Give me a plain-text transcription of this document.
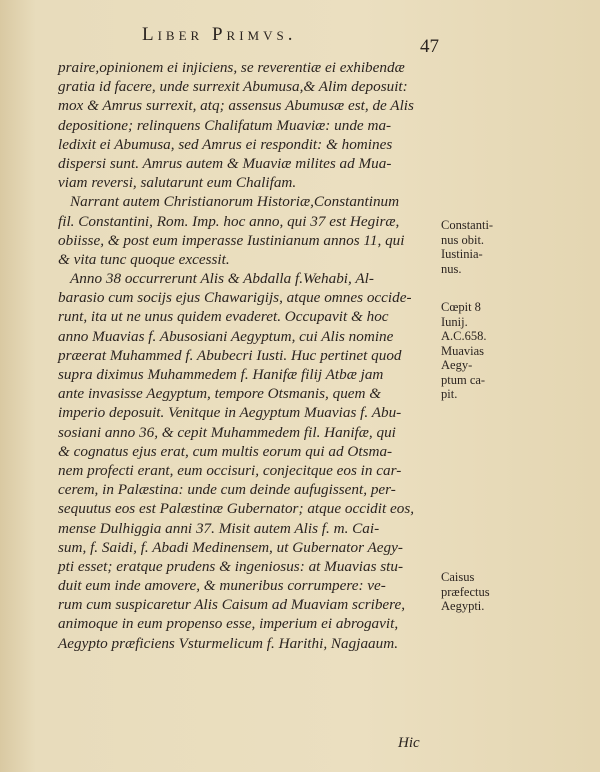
Liber Primvs.
47
praire,opinionem ei injiciens, se reverentiæ ei exhibendæ
gratia id facere, unde surrexit Abumusa,& Alim deposuit:
mox & Amrus surrexit, atq; assensus Abumusæ est, de Alis
depositione; relinquens Chalifatum Muaviæ: unde ma-
ledixit ei Abumusa, sed Amrus ei respondit: & homines
dispersi sunt. Amrus autem & Muaviæ milites ad Mua-
viam reversi, salutarunt eum Chalifam.
Narrant autem Christianorum Historiæ,Constantinum
fil. Constantini, Rom. Imp. hoc anno, qui 37 est Hegiræ,
obiisse, & post eum imperasse Iustinianum annos 11, qui
& vita tunc quoque excessit.
Anno 38 occurrerunt Alis & Abdalla f.Wehabi, Al-
barasio cum socijs ejus Chawarigijs, atque omnes occide-
runt, ita ut ne unus quidem evaderet. Occupavit & hoc
anno Muavias f. Abusosiani Aegyptum, cui Alis nomine
præerat Muhammed f. Abubecri Iusti. Huc pertinet quod
supra diximus Muhammedem f. Hanifæ filij Atbæ jam
ante invasisse Aegyptum, tempore Otsmanis, quem &
imperio deposuit. Venitque in Aegyptum Muavias f. Abu-
sosiani anno 36, & cepit Muhammedem fil. Hanifæ, qui
& cognatus ejus erat, cum multis eorum qui ad Otsma-
nem profecti erant, eum occisuri, conjecitque eos in car-
cerem, in Palæstina: unde cum deinde aufugissent, per-
sequutus eos est Palæstinæ Gubernator; atque occidit eos,
mense Dulhiggia anni 37. Misit autem Alis f. m. Cai-
sum, f. Saidi, f. Abadi Medinensem, ut Gubernator Aegy-
pti esset; eratque prudens & ingeniosus: at Muavias stu-
duit eum inde amovere, & muneribus corrumpere: ve-
rum cum suspicaretur Alis Caisum ad Muaviam scribere,
animoque in eum propenso esse, imperium ei abrogavit,
Aegypto præficiens Vsturmelicum f. Harithi, Nagjaaum.
Hic
Constanti-
nus obit.
Iustinia-
nus.
Cœpit 8
Iunij.
A.C.658.
Muavias
Aegy-
ptum ca-
pit.
Caisus
præfectus
Aegypti.
